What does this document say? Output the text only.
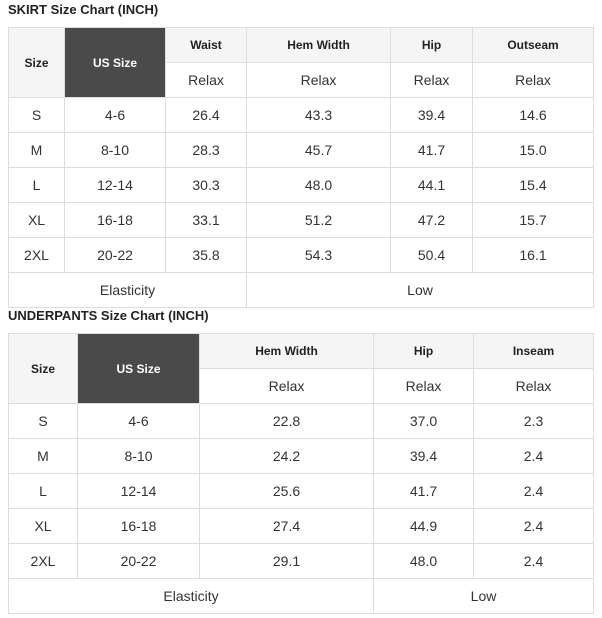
SKIRT Size Chart (INCH)
Size	US Size	Waist	Hem Width	Hip	Outseam
		Relax	Relax	Relax	Relax
S	4-6	26.4	43.3	39.4	14.6
M	8-10	28.3	45.7	41.7	15.0
L	12-14	30.3	48.0	44.1	15.4
XL	16-18	33.1	51.2	47.2	15.7
2XL	20-22	35.8	54.3	50.4	16.1
Elasticity			Low		
UNDERPANTS Size Chart (INCH)
Size	US Size	Hem Width	Hip	Inseam
		Relax	Relax	Relax
S	4-6	22.8	37.0	2.3
M	8-10	24.2	39.4	2.4
L	12-14	25.6	41.7	2.4
XL	16-18	27.4	44.9	2.4
2XL	20-22	29.1	48.0	2.4
Elasticity			Low	
